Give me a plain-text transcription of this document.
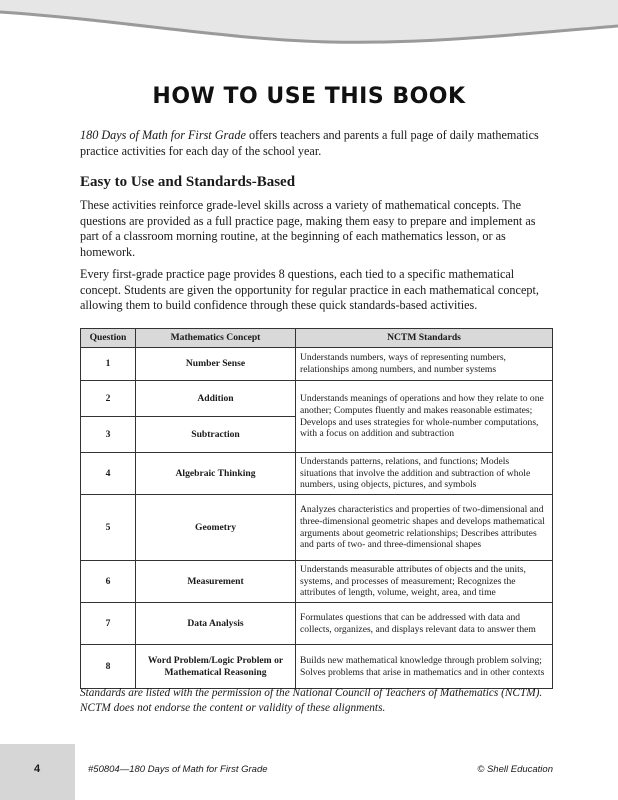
HOW TO USE THIS BOOK

180 Days of Math for First Grade offers teachers and parents a full page of daily mathematics practice activities for each day of the school year.

Easy to Use and Standards-Based

These activities reinforce grade-level skills across a variety of mathematical concepts. The questions are provided as a full practice page, making them easy to prepare and implement as part of a classroom morning routine, at the beginning of each mathematics lesson, or as homework.

Every first-grade practice page provides 8 questions, each tied to a specific mathematical concept. Students are given the opportunity for regular practice in each mathematical concept, allowing them to build confidence through these quick standards-based activities.

Question	Mathematics Concept	NCTM Standards
1	Number Sense	Understands numbers, ways of representing numbers, relationships among numbers, and number systems
2	Addition	Understands meanings of operations and how they relate to one another; Computes fluently and makes reasonable estimates; Develops and uses strategies for whole-number computations, with a focus on addition and subtraction
3	Subtraction	
4	Algebraic Thinking	Understands patterns, relations, and functions; Models situations that involve the addition and subtraction of whole numbers, using objects, pictures, and symbols
5	Geometry	Analyzes characteristics and properties of two-dimensional and three-dimensional geometric shapes and develops mathematical arguments about geometric relationships; Describes attributes and parts of two- and three-dimensional shapes
6	Measurement	Understands measurable attributes of objects and the units, systems, and processes of measurement; Recognizes the attributes of length, volume, weight, area, and time
7	Data Analysis	Formulates questions that can be addressed with data and collects, organizes, and displays relevant data to answer them
8	Word Problem/Logic Problem or Mathematical Reasoning	Builds new mathematical knowledge through problem solving; Solves problems that arise in mathematics and in other contexts

Standards are listed with the permission of the National Council of Teachers of Mathematics (NCTM). NCTM does not endorse the content or validity of these alignments.

4	#50804—180 Days of Math for First Grade	© Shell Education
